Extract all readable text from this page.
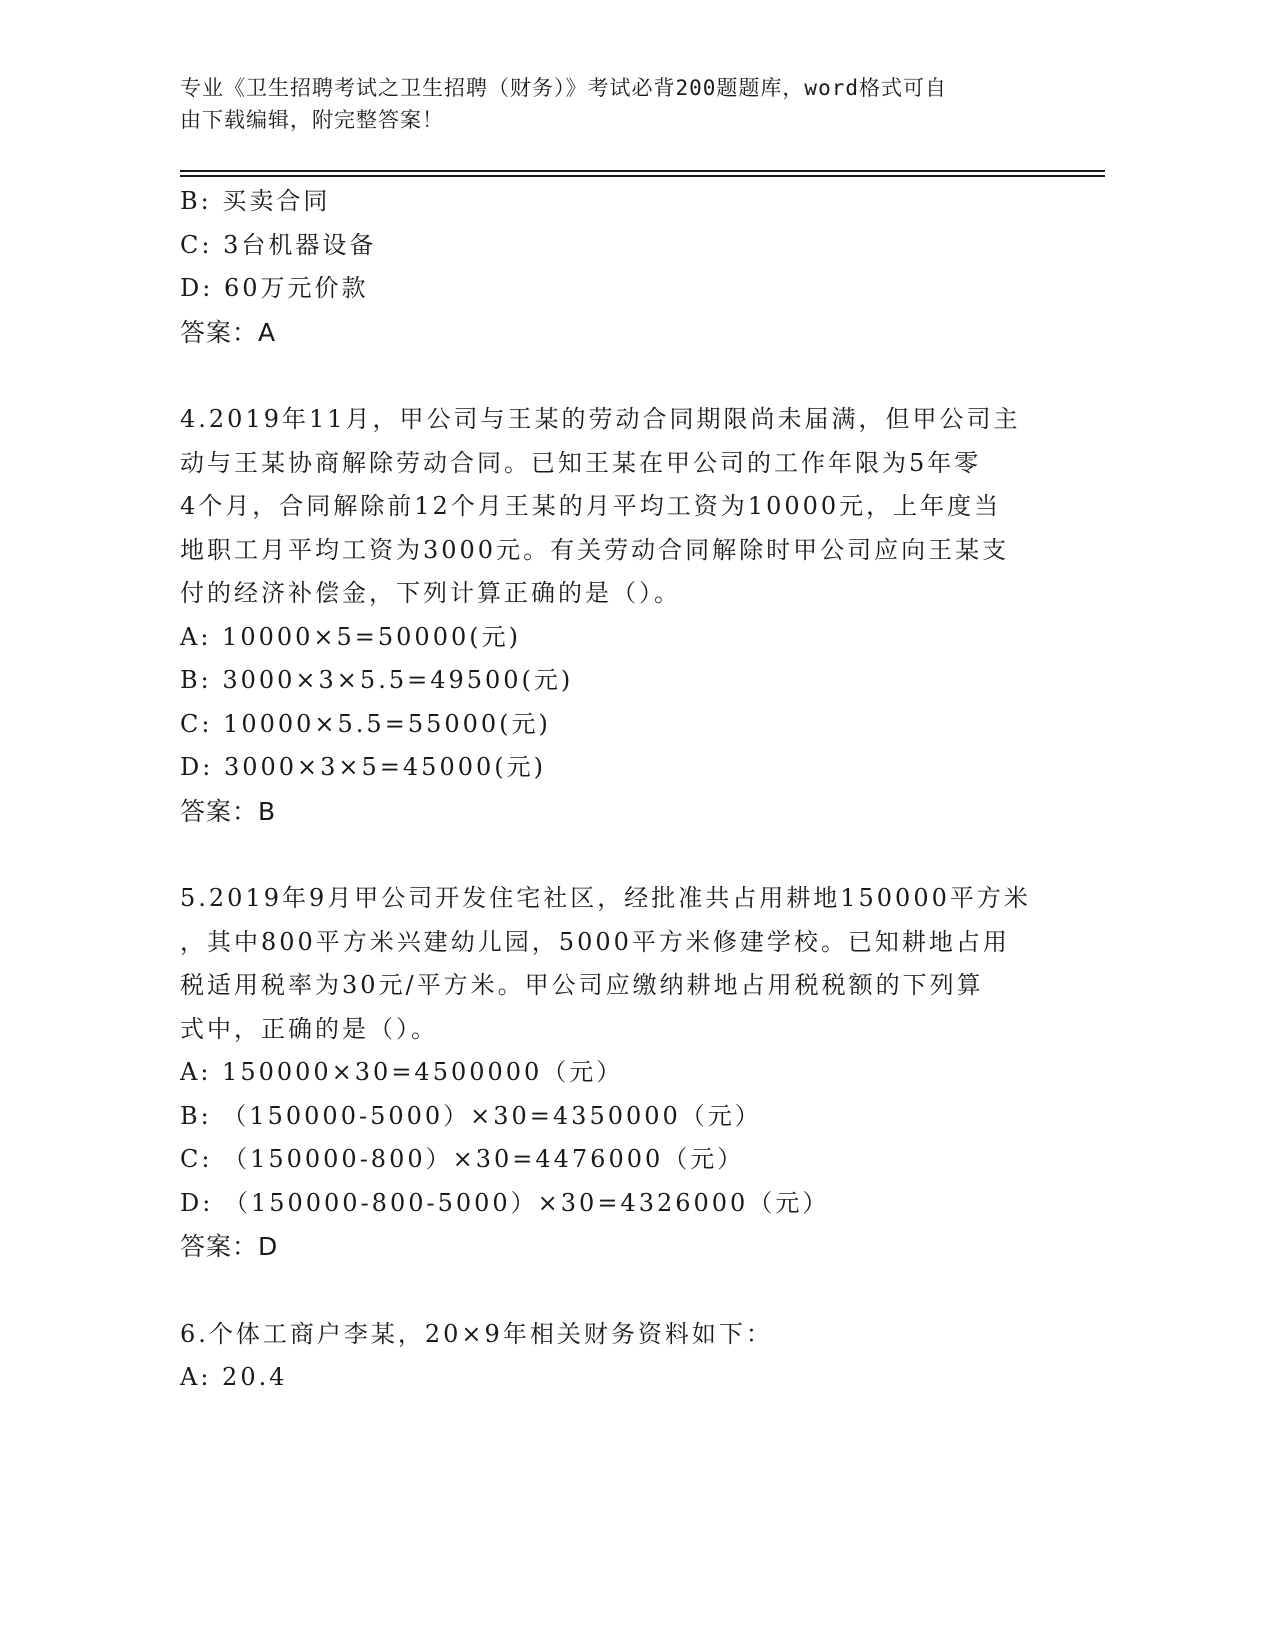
专业《卫生招聘考试之卫生招聘（财务）》考试必背200题题库，word格式可自
由下载编辑，附完整答案！
B: 买卖合同
C: 3台机器设备
D: 60万元价款
答案：A
4.2019年11月，甲公司与王某的劳动合同期限尚未届满，但甲公司主
动与王某协商解除劳动合同。已知王某在甲公司的工作年限为5年零
4个月，合同解除前12个月王某的月平均工资为10000元，上年度当
地职工月平均工资为3000元。有关劳动合同解除时甲公司应向王某支
付的经济补偿金，下列计算正确的是（）。
A: 10000×5=50000(元)
B: 3000×3×5.5=49500(元)
C: 10000×5.5=55000(元)
D: 3000×3×5=45000(元)
答案：B
5.2019年9月甲公司开发住宅社区，经批准共占用耕地150000平方米
，其中800平方米兴建幼儿园，5000平方米修建学校。已知耕地占用
税适用税率为30元/平方米。甲公司应缴纳耕地占用税税额的下列算
式中，正确的是（）。
A: 150000×30=4500000（元）
B: （150000-5000）×30=4350000（元）
C: （150000-800）×30=4476000（元）
D: （150000-800-5000）×30=4326000（元）
答案：D
6.个体工商户李某，20×9年相关财务资料如下：
A: 20.4
